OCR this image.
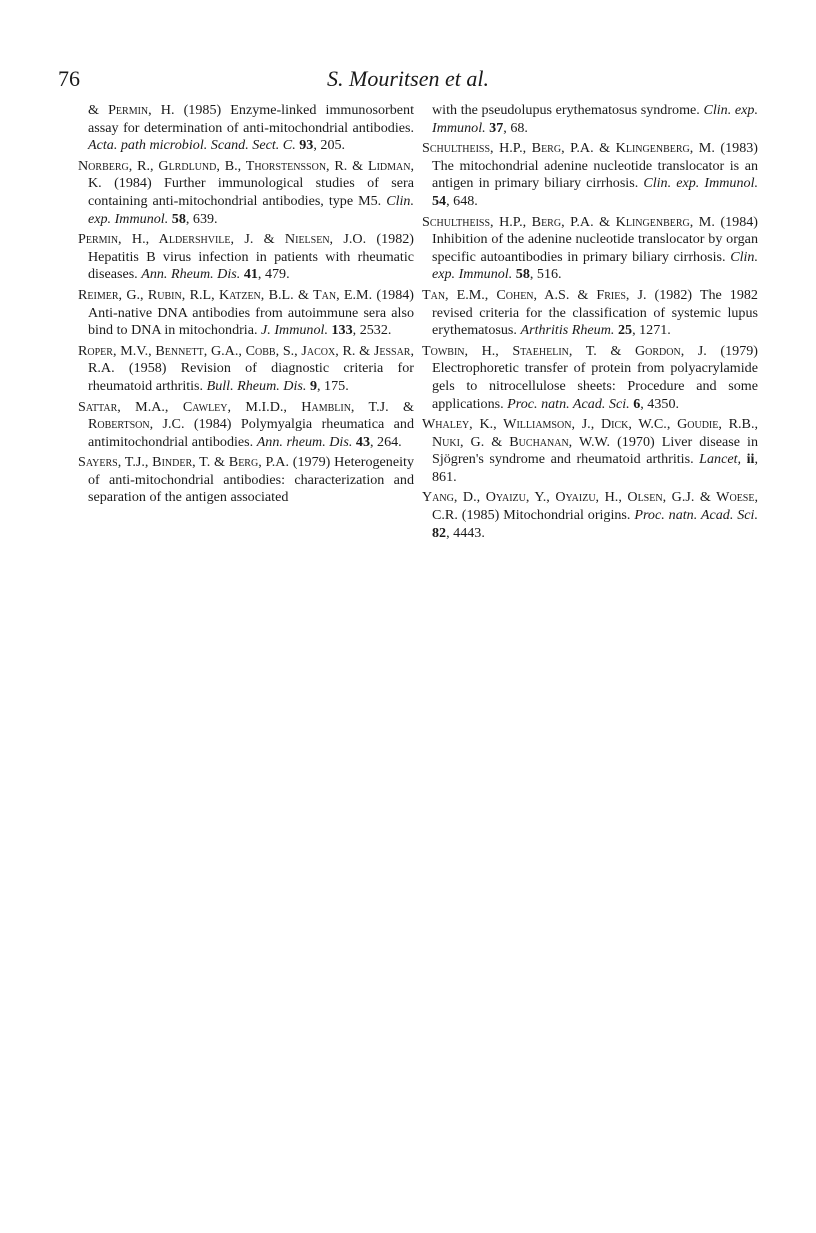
76	S. Mouritsen et al.

& Permin, H. (1985) Enzyme-linked immunosorbent assay for determination of anti-mitochondrial antibodies. Acta. path microbiol. Scand. Sect. C. 93, 205.

Norberg, R., Glrdlund, B., Thorstensson, R. & Lidman, K. (1984) Further immunological studies of sera containing anti-mitochondrial antibodies, type M5. Clin. exp. Immunol. 58, 639.

Permin, H., Aldershvile, J. & Nielsen, J.O. (1982) Hepatitis B virus infection in patients with rheumatic diseases. Ann. Rheum. Dis. 41, 479.

Reimer, G., Rubin, R.L, Katzen, B.L. & Tan, E.M. (1984) Anti-native DNA antibodies from autoimmune sera also bind to DNA in mitochondria. J. Immunol. 133, 2532.

Roper, M.V., Bennett, G.A., Cobb, S., Jacox, R. & Jessar, R.A. (1958) Revision of diagnostic criteria for rheumatoid arthritis. Bull. Rheum. Dis. 9, 175.

Sattar, M.A., Cawley, M.I.D., Hamblin, T.J. & Robertson, J.C. (1984) Polymyalgia rheumatica and antimitochondrial antibodies. Ann. rheum. Dis. 43, 264.

Sayers, T.J., Binder, T. & Berg, P.A. (1979) Heterogeneity of anti-mitochondrial antibodies: characterization and separation of the antigen associated

with the pseudolupus erythematosus syndrome. Clin. exp. Immunol. 37, 68.

Schultheiss, H.P., Berg, P.A. & Klingenberg, M. (1983) The mitochondrial adenine nucleotide translocator is an antigen in primary biliary cirrhosis. Clin. exp. Immunol. 54, 648.

Schultheiss, H.P., Berg, P.A. & Klingenberg, M. (1984) Inhibition of the adenine nucleotide translocator by organ specific autoantibodies in primary biliary cirrhosis. Clin. exp. Immunol. 58, 516.

Tan, E.M., Cohen, A.S. & Fries, J. (1982) The 1982 revised criteria for the classification of systemic lupus erythematosus. Arthritis Rheum. 25, 1271.

Towbin, H., Staehelin, T. & Gordon, J. (1979) Electrophoretic transfer of protein from polyacrylamide gels to nitrocellulose sheets: Procedure and some applications. Proc. natn. Acad. Sci. 6, 4350.

Whaley, K., Williamson, J., Dick, W.C., Goudie, R.B., Nuki, G. & Buchanan, W.W. (1970) Liver disease in Sjögren's syndrome and rheumatoid arthritis. Lancet, ii, 861.

Yang, D., Oyaizu, Y., Oyaizu, H., Olsen, G.J. & Woese, C.R. (1985) Mitochondrial origins. Proc. natn. Acad. Sci. 82, 4443.
